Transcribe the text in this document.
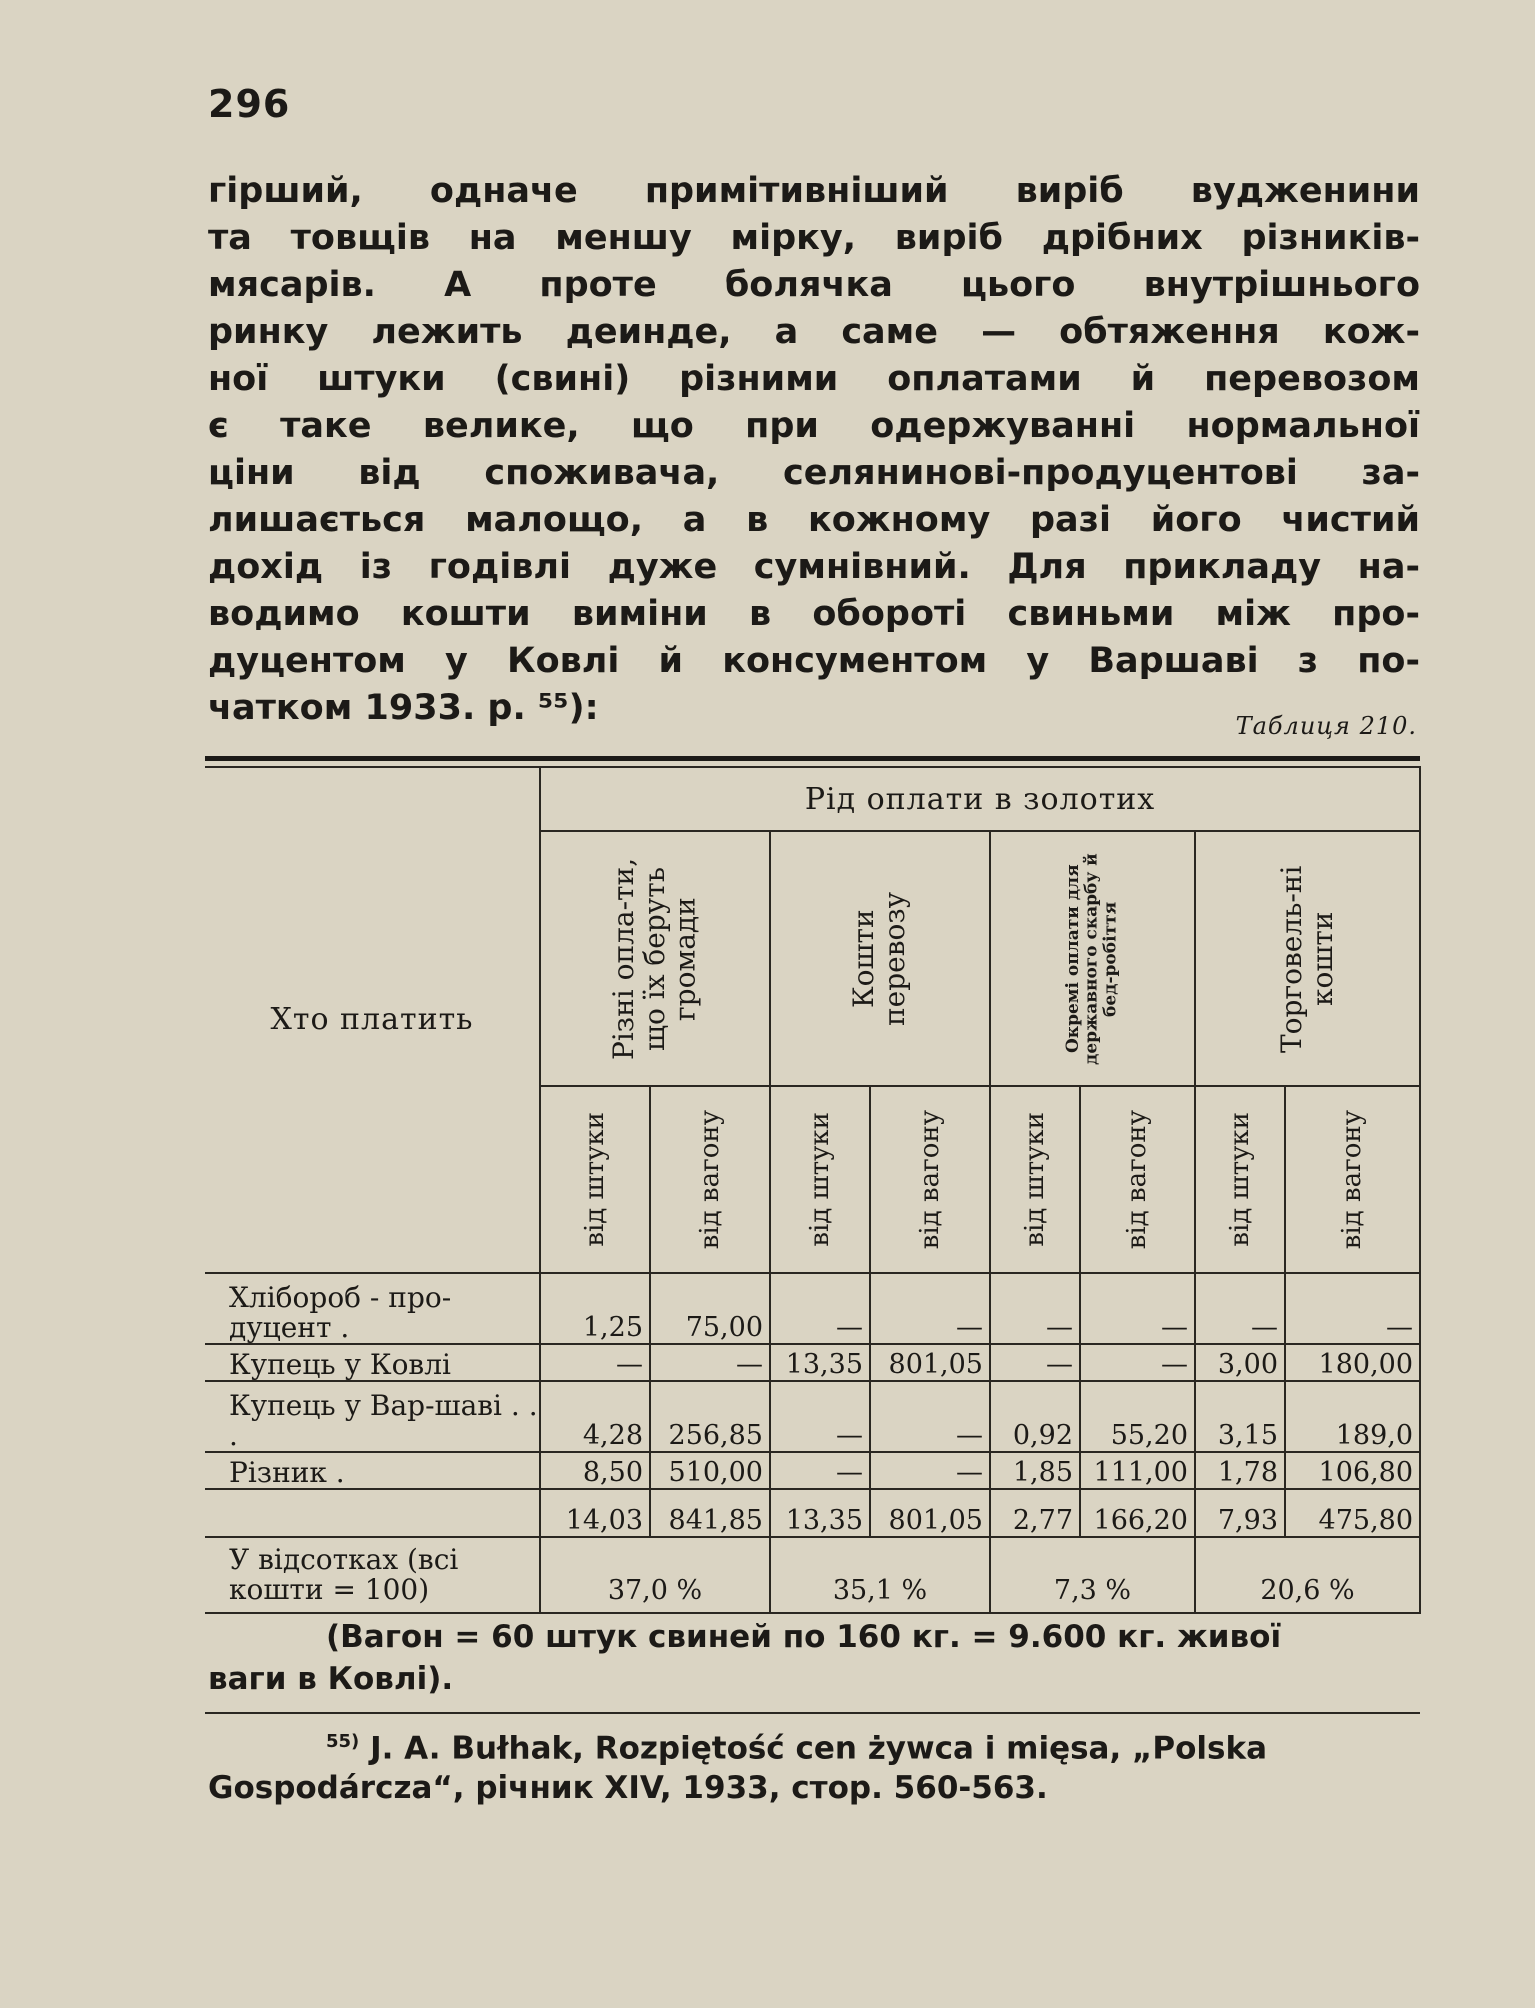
296
гірший, одначе примітивніший виріб вудженини
та товщів на меншу мірку, виріб дрібних різників-
мясарів. А проте болячка цього внутрішнього
ринку лежить деинде, а саме — обтяження кож-
ної штуки (свині) різними оплатами й перевозом
є таке велике, що при одержуванні нормальної
ціни від споживача, селянинові-продуцентові за-
лишається малощо, а в кожному разі його чистий
дохід із годівлі дуже сумнівний. Для прикладу на-
водимо кошти виміни в обороті свиньми між про-
дуцентом у Ковлі й консументом у Варшаві з по-
чатком 1933. р. ⁵⁵):	Таблиця 210.
Хто платить	Рід оплати в золотих							

	Різні опла-ти, що їх беруть громади		Кошти перевозу		Окремі оплати для державного скарбу й бед-робіття		Торговель-ні кошти	

	від штуки	від вагону	від штуки	від вагону	від штуки	від вагону	від штуки	від вагону

Хлібороб - про-дуцент .	1,25	75,00	—	—	—	—	—	—
Купець у Ковлі	—	—	13,35	801,05	—	—	3,00	180,00
Купець у Вар-шаві . . .	4,28	256,85	—	—	0,92	55,20	3,15	189,0
Різник .	8,50	510,00	—	—	1,85	111,00	1,78	106,80
	14,03	841,85	13,35	801,05	2,77	166,20	7,93	475,80
У відсотках (всі кошти = 100)	37,0 %		35,1 %		7,3 %		20,6 %	
(Вагон = 60 штук свиней по 160 кг. = 9.600 кг. живої
ваги в Ковлі).
$^{55)}$ J. A. Bułhak, Rozpiętość cen żywca i mięsa, „Polska
Gospodárcza“, річник XIV, 1933, стор. 560-563.
